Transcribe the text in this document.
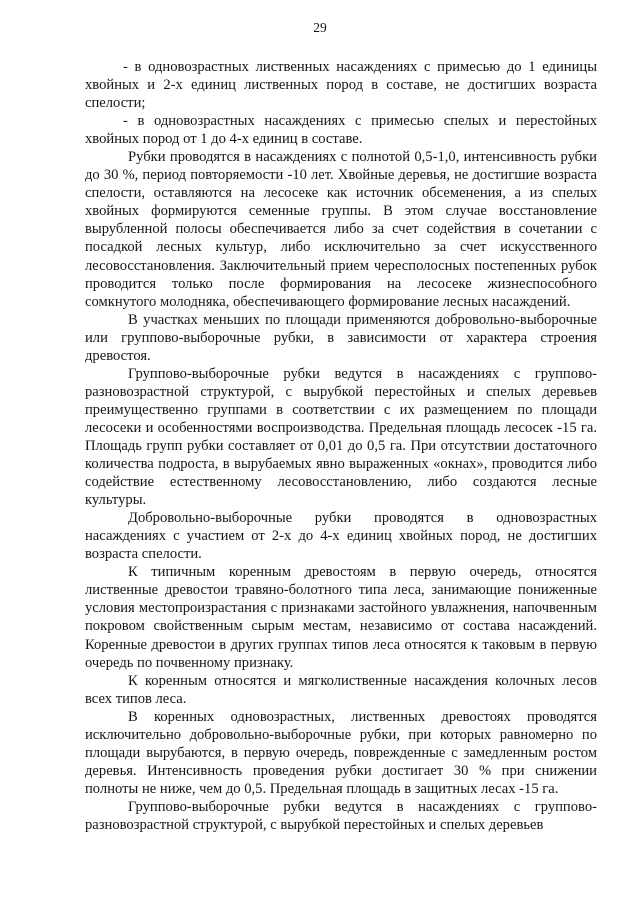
29

- в одновозрастных лиственных насаждениях с примесью до 1 единицы хвойных и 2-х единиц лиственных пород в составе, не достигших возраста спелости;

- в одновозрастных насаждениях с примесью спелых и перестойных хвойных пород от 1 до 4-х единиц в составе.

Рубки проводятся в насаждениях с полнотой 0,5-1,0, интенсивность рубки до 30 %, период повторяемости -10 лет. Хвойные деревья, не достигшие возраста спелости, оставляются на лесосеке как источник обсеменения, а из спелых хвойных формируются семенные группы. В этом случае восстановление вырубленной полосы обеспечивается либо за счет содействия в сочетании с посадкой лесных культур, либо исключительно за счет искусственного лесовосстановления. Заключительный прием чересполосных постепенных рубок проводится только после формирования на лесосеке жизнеспособного сомкнутого молодняка, обеспечивающего формирование лесных насаждений.

В участках меньших по площади применяются добровольно-выборочные или группово-выборочные рубки, в зависимости от характера строения древостоя.

Группово-выборочные рубки ведутся в насаждениях с группово-разновозрастной структурой, с вырубкой перестойных и спелых деревьев преимущественно группами в соответствии с их размещением по площади лесосеки и особенностями воспроизводства. Предельная площадь лесосек -15 га. Площадь групп рубки составляет от 0,01 до 0,5 га. При отсутствии достаточного количества подроста, в вырубаемых явно выраженных «окнах», проводится либо содействие естественному лесовосстановлению, либо создаются лесные культуры.

Добровольно-выборочные рубки проводятся в одновозрастных насаждениях с участием от 2-х до 4-х единиц хвойных пород, не достигших возраста спелости.

К типичным коренным древостоям в первую очередь, относятся лиственные древостои травяно-болотного типа леса, занимающие пониженные условия местопроизрастания с признаками застойного увлажнения, напочвенным покровом свойственным сырым местам, независимо от состава насаждений. Коренные древостои в других группах типов леса относятся к таковым в первую очередь по почвенному признаку.

К коренным относятся и мягколиственные насаждения колочных лесов всех типов леса.

В коренных одновозрастных, лиственных древостоях проводятся исключительно добровольно-выборочные рубки, при которых равномерно по площади вырубаются, в первую очередь, поврежденные с замедленным ростом деревья. Интенсивность проведения рубки достигает 30 % при снижении полноты не ниже, чем до 0,5. Предельная площадь в защитных лесах -15 га.

Группово-выборочные рубки ведутся в насаждениях с группово-разновозрастной структурой, с вырубкой перестойных и спелых деревьев
